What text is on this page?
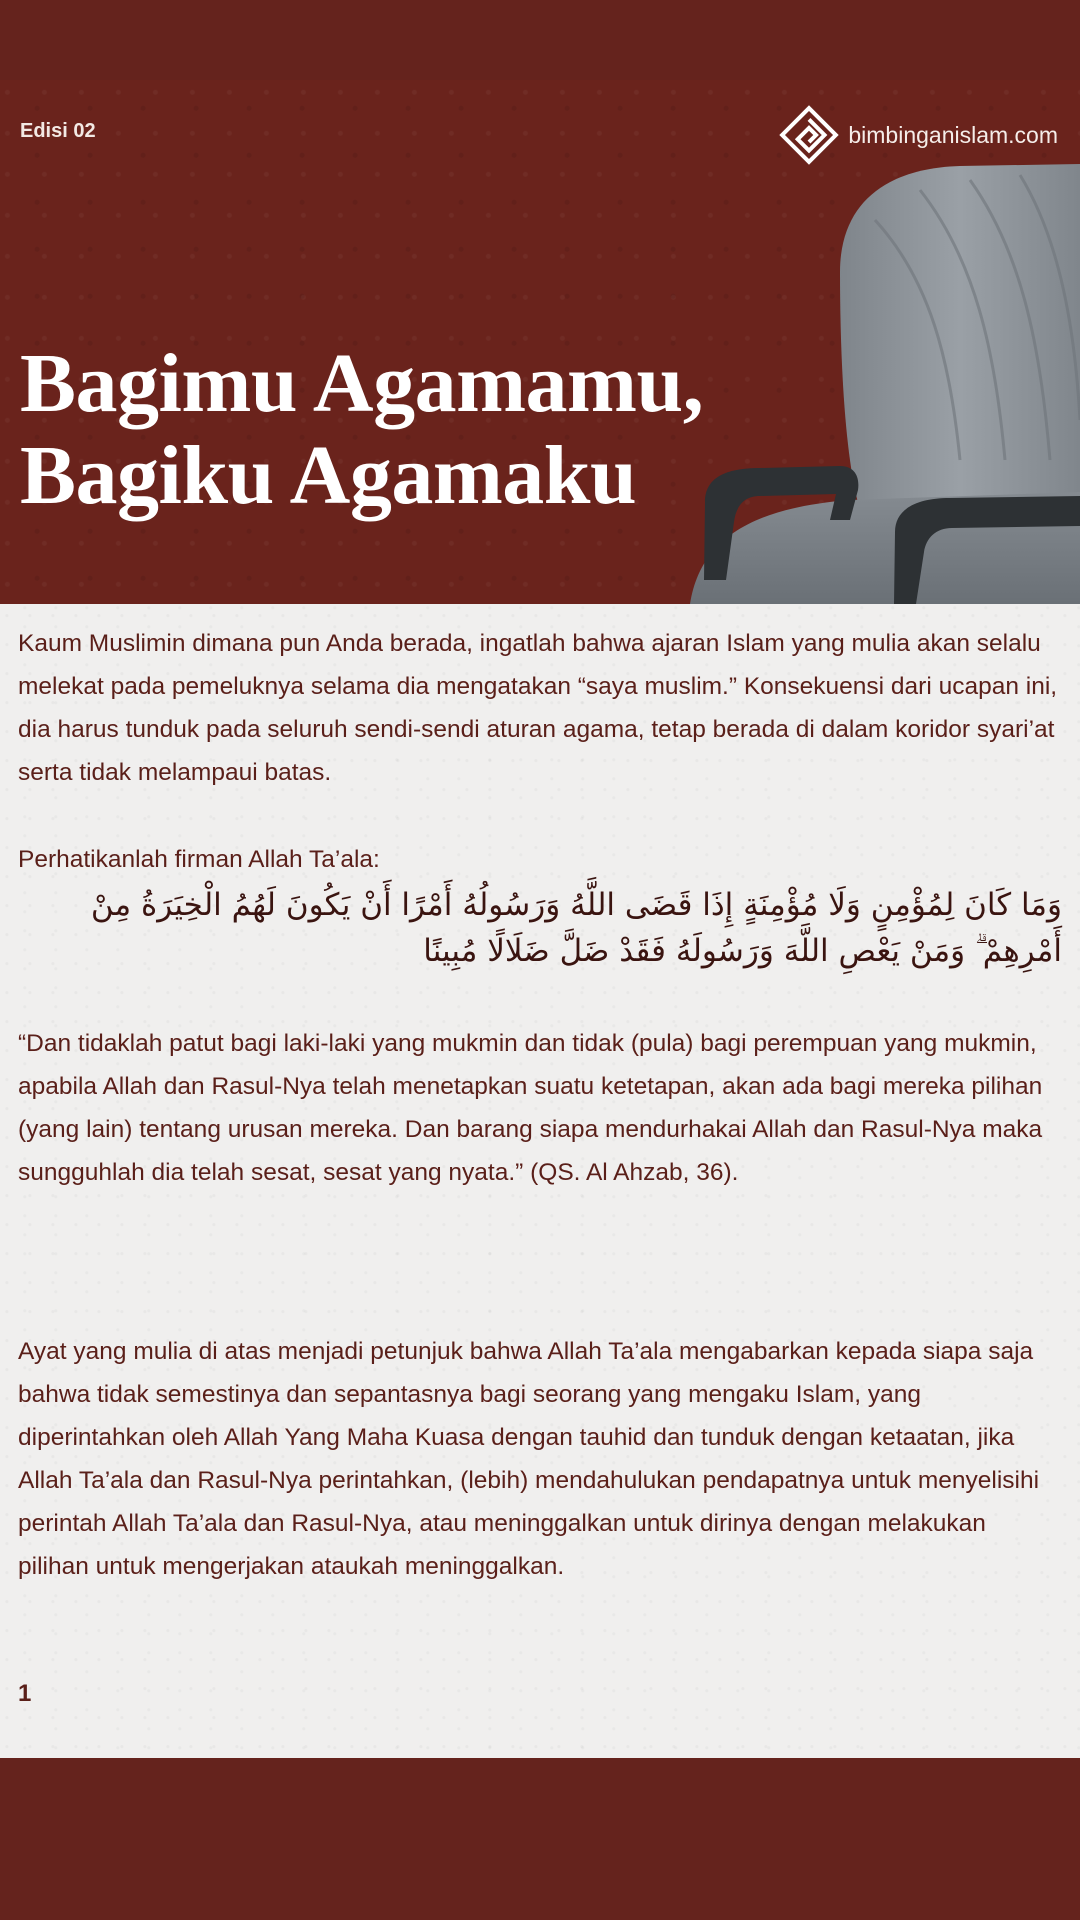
Edisi 02	bimbinganislam.com
Bagimu Agamamu,
Bagiku Agamaku

Kaum Muslimin dimana pun Anda berada, ingatlah bahwa ajaran Islam yang mulia akan selalu melekat pada pemeluknya selama dia mengatakan “saya muslim.” Konsekuensi dari ucapan ini, dia harus tunduk pada seluruh sendi-sendi aturan agama, tetap berada di dalam koridor syari’at serta tidak melampaui batas.

Perhatikanlah firman Allah Ta’ala:

وَمَا كَانَ لِمُؤْمِنٍ وَلَا مُؤْمِنَةٍ إِذَا قَضَى اللَّهُ وَرَسُولُهُ أَمْرًا أَنْ يَكُونَ لَهُمُ الْخِيَرَةُ مِنْ أَمْرِهِمْ ۗ وَمَنْ يَعْصِ اللَّهَ وَرَسُولَهُ فَقَدْ ضَلَّ ضَلَالًا مُبِينًا

“Dan tidaklah patut bagi laki-laki yang mukmin dan tidak (pula) bagi perempuan yang mukmin, apabila Allah dan Rasul-Nya telah menetapkan suatu ketetapan, akan ada bagi mereka pilihan (yang lain) tentang urusan mereka. Dan barang siapa mendurhakai Allah dan Rasul-Nya maka sungguhlah dia telah sesat, sesat yang nyata.” (QS. Al Ahzab, 36).

Ayat yang mulia di atas menjadi petunjuk bahwa Allah Ta’ala mengabarkan kepada siapa saja bahwa tidak semestinya dan sepantasnya bagi seorang yang mengaku Islam, yang diperintahkan oleh Allah Yang Maha Kuasa dengan tauhid dan tunduk dengan ketaatan, jika Allah Ta’ala dan Rasul-Nya perintahkan, (lebih) mendahulukan pendapatnya untuk menyelisihi perintah Allah Ta’ala dan Rasul-Nya, atau meninggalkan untuk dirinya dengan melakukan pilihan untuk mengerjakan ataukah meninggalkan.

1
